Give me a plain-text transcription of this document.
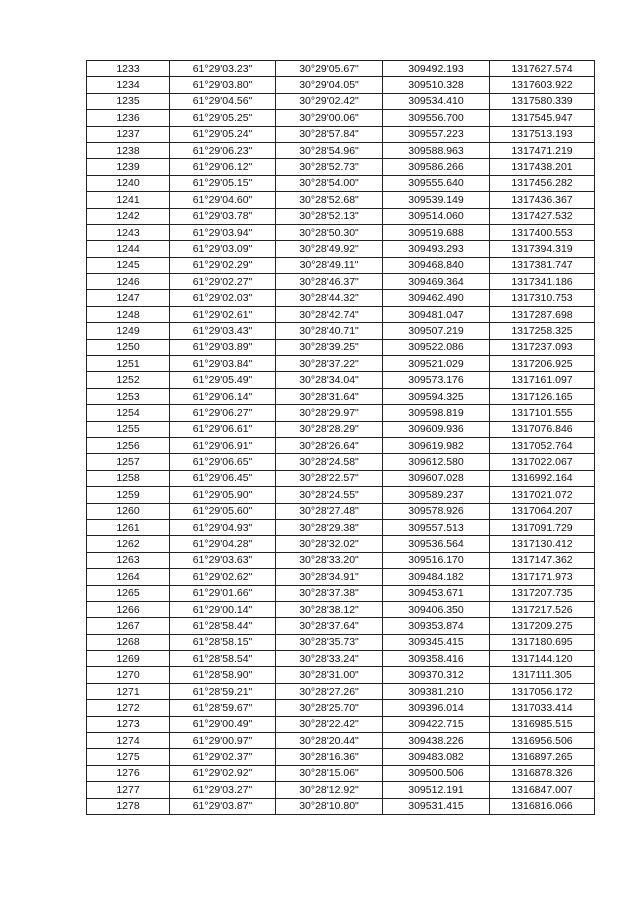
1233	61°29'03.23"	30°29'05.67"	309492.193	1317627.574
1234	61°29'03.80"	30°29'04.05"	309510.328	1317603.922
1235	61°29'04.56"	30°29'02.42"	309534.410	1317580.339
1236	61°29'05.25"	30°29'00.06"	309556.700	1317545.947
1237	61°29'05.24"	30°28'57.84"	309557.223	1317513.193
1238	61°29'06.23"	30°28'54.96"	309588.963	1317471.219
1239	61°29'06.12"	30°28'52.73"	309586.266	1317438.201
1240	61°29'05.15"	30°28'54.00"	309555.640	1317456.282
1241	61°29'04.60"	30°28'52.68"	309539.149	1317436.367
1242	61°29'03.78"	30°28'52.13"	309514.060	1317427.532
1243	61°29'03.94"	30°28'50.30"	309519.688	1317400.553
1244	61°29'03.09"	30°28'49.92"	309493.293	1317394.319
1245	61°29'02.29"	30°28'49.11"	309468.840	1317381.747
1246	61°29'02.27"	30°28'46.37"	309469.364	1317341.186
1247	61°29'02.03"	30°28'44.32"	309462.490	1317310.753
1248	61°29'02.61"	30°28'42.74"	309481.047	1317287.698
1249	61°29'03.43"	30°28'40.71"	309507.219	1317258.325
1250	61°29'03.89"	30°28'39.25"	309522.086	1317237.093
1251	61°29'03.84"	30°28'37.22"	309521.029	1317206.925
1252	61°29'05.49"	30°28'34.04"	309573.176	1317161.097
1253	61°29'06.14"	30°28'31.64"	309594.325	1317126.165
1254	61°29'06.27"	30°28'29.97"	309598.819	1317101.555
1255	61°29'06.61"	30°28'28.29"	309609.936	1317076.846
1256	61°29'06.91"	30°28'26.64"	309619.982	1317052.764
1257	61°29'06.65"	30°28'24.58"	309612.580	1317022.067
1258	61°29'06.45"	30°28'22.57"	309607.028	1316992.164
1259	61°29'05.90"	30°28'24.55"	309589.237	1317021.072
1260	61°29'05.60"	30°28'27.48"	309578.926	1317064.207
1261	61°29'04.93"	30°28'29.38"	309557.513	1317091.729
1262	61°29'04.28"	30°28'32.02"	309536.564	1317130.412
1263	61°29'03.63"	30°28'33.20"	309516.170	1317147.362
1264	61°29'02.62"	30°28'34.91"	309484.182	1317171.973
1265	61°29'01.66"	30°28'37.38"	309453.671	1317207.735
1266	61°29'00.14"	30°28'38.12"	309406.350	1317217.526
1267	61°28'58.44"	30°28'37.64"	309353.874	1317209.275
1268	61°28'58.15"	30°28'35.73"	309345.415	1317180.695
1269	61°28'58.54"	30°28'33.24"	309358.416	1317144.120
1270	61°28'58.90"	30°28'31.00"	309370.312	1317111.305
1271	61°28'59.21"	30°28'27.26"	309381.210	1317056.172
1272	61°28'59.67"	30°28'25.70"	309396.014	1317033.414
1273	61°29'00.49"	30°28'22.42"	309422.715	1316985.515
1274	61°29'00.97"	30°28'20.44"	309438.226	1316956.506
1275	61°29'02.37"	30°28'16.36"	309483.082	1316897.265
1276	61°29'02.92"	30°28'15.06"	309500.506	1316878.326
1277	61°29'03.27"	30°28'12.92"	309512.191	1316847.007
1278	61°29'03.87"	30°28'10.80"	309531.415	1316816.066
